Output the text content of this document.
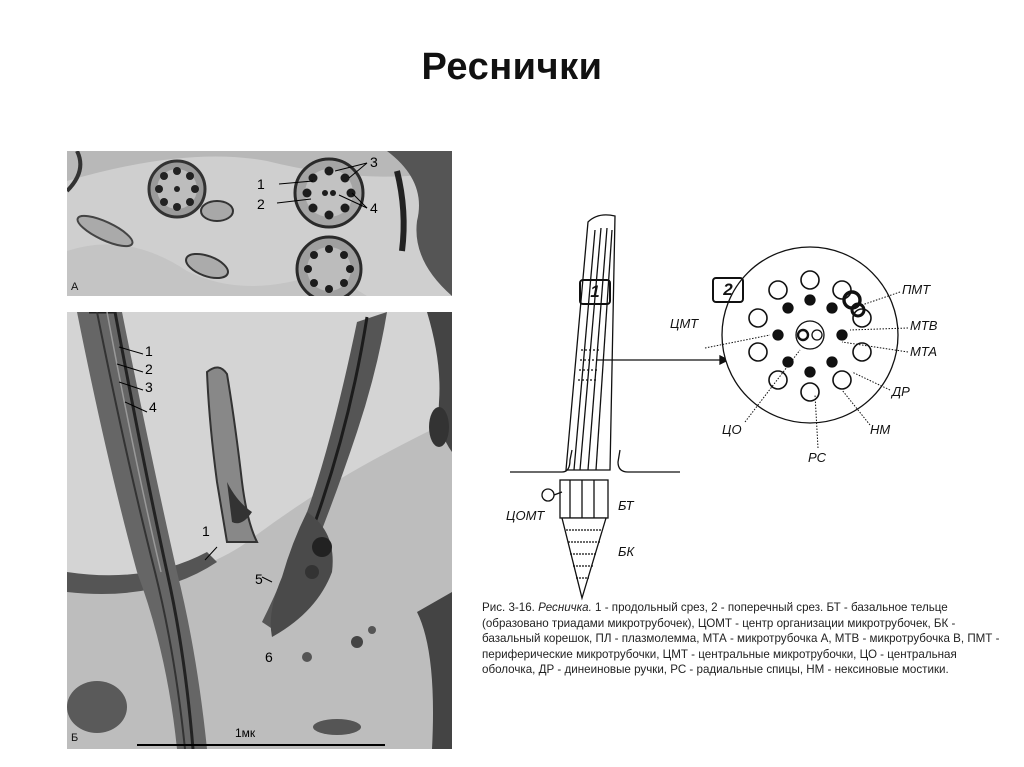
Реснички
1
2
3
4
A
1
2
3
4
1
5
6
1мк
Б
1	2
ЦМТ
ЦОМТ
БТ
БК
ПМТ
МТВ
МТА
ДР
НМ
ЦО
РС
Рис. 3-16. Ресничка. 1 - продольный срез, 2 - поперечный срез. БТ - базальное тельце (образовано триадами микротрубочек), ЦОМТ - центр организации микротрубочек, БК - базальный корешок, ПЛ - плазмолемма, МТА - микротрубочка А, МТВ - микротрубочка В, ПМТ - периферические микротрубочки, ЦМТ - центральные микротрубочки, ЦО - центральная оболочка, ДР - динеиновые ручки, РС - радиальные спицы, НМ - нексиновые мостики.
